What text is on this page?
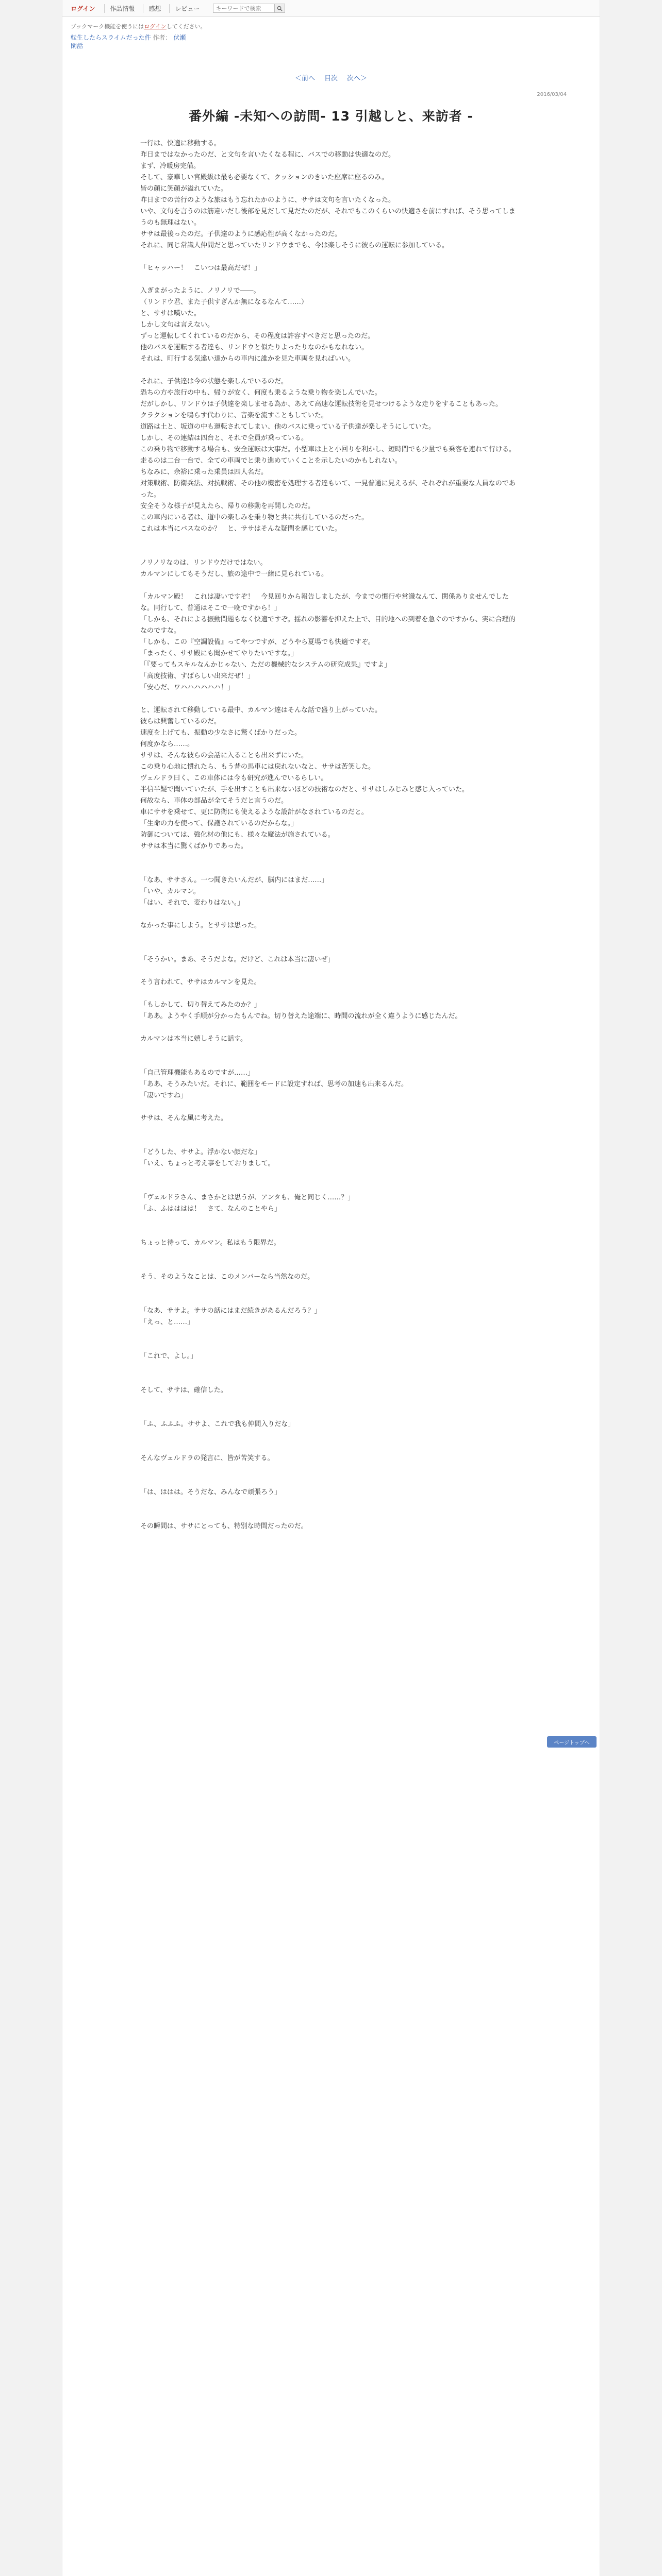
ログイン	作品情報	感想	レビュー
キーワードで検索
ブックマーク機能を使うにはログインしてください。
転生したらスライムだった件 作者： 伏瀬
閑話
＜前へ 目次 次へ＞
2016/03/04
番外編 -未知への訪問- 13 引越しと、来訪者 -

一行は、快適に移動する。

昨日まではなかったのだ、と文句を言いたくなる程に、バスでの移動は快適なのだ。

まず、冷暖房完備。

そして、豪華しい宮殿級は最も必要なくて、クッションのきいた座席に座るのみ。

皆の顔に笑顔が溢れていた。

昨日までの苦行のような旅はもう忘れたかのように、ササは文句を言いたくなった。

いや、文句を言うのは筋違いだし後部を見だして見だたのだが、それでもこのくらいの快適さを前にすれば、そう思ってしまうのも無理はない。

ササは最後ったのだ。子供達のように感応性が高くなかったのだ。

それに、同じ常識人仲間だと思っていたリンドウまでも、今は楽しそうに彼らの運転に参加している。

「ヒャッハー！　こいつは最高だぜ！」

入ぎまがったように、ノリノリで――。

（リンドウ君、また子供すぎんか無になるなんて……）

と、ササは嘆いた。

しかし文句は言えない。

ずっと運転してくれているのだから、その程度は許容すべきだと思ったのだ。

他のバスを運転する者達も、リンドウと似たりよったりなのかもなれない。

それは、町行する気違い達からの車内に誰かを見た車両を見ればいい。

それに、子供達は今の状態を楽しんでいるのだ。

恐ちの方や旅行の中も、帰りが安く、何度も乗るような乗り物を楽しんでいた。

だがしかし、リンドウは子供達を楽しませる為か、あえて高速な運転技術を見せつけるような走りをすることもあった。

クラクションを鳴らす代わりに、音楽を流すこともしていた。

道路は土と、坂道の中も運転されてしまい、他のバスに乗っている子供達が楽しそうにしていた。

しかし、その連結は四台と、それで全員が乗っている。

この乗り物で移動する場合も、安全運転は大事だ。小型車は上と小回りを利かし、短時間でも少量でも乗客を連れて行ける。

走るのは二台一台で、全ての車両でと乗り進めていくことを示したいのかもしれない。

ちなみに、余裕に乗った乗員は四人名だ。

対策戦術、防衛兵法、対抗戦術、その他の機密を処理する者達もいて、一見普通に見えるが、それぞれが重要な人員なのであった。

安全そうな様子が見えたら、帰りの移動を再開したのだ。

この車内にいる者は、道中の楽しみを乗り物と共に共有しているのだった。

これは本当にバスなのか？　と、ササはそんな疑問を感じていた。

ノリノリなのは、リンドウだけではない。

カルマンにしてもそうだし、旅の途中で一緒に見られている。

「カルマン殿！　これは凄いですぞ！　今見回りから報告しましたが、今までの慣行や常識なんて、関係ありませんでしたな。同行して、普通はそこで一晩ですから！」

「しかも、それによる振動問題もなく快適ですぞ。揺れの影響を抑えた上で、目的地への到着を急ぐのですから、実に合理的なのですな。

「しかも、この『空調設備』ってやつですが、どうやら夏場でも快適ですぞ。

「まったく、ササ殿にも聞かせてやりたいですな。」

「『要ってもスキルなんかじゃない、ただの機械的なシステムの研究成果』ですよ」

「高度技術、すばらしい出来だぜ！」

「安心だ、ワハハハハハハ！」

と、運転されて移動している最中、カルマン達はそんな話で盛り上がっていた。

彼らは興奮しているのだ。

速度を上げても、振動の少なさに驚くばかりだった。

何度かなら……。

ササは、そんな彼らの会話に入ることも出来ずにいた。

この乗り心地に慣れたら、もう昔の馬車には戻れないなと、ササは苦笑した。

ヴェルドラ曰く、この車体には今も研究が進んでいるらしい。

半信半疑で聞いていたが、手を出すことも出来ないほどの技術なのだと、ササはしみじみと感じ入っていた。

何故なら、車体の部品が全てそうだと言うのだ。

車にササを乗せて、更に防衛にも使えるような設計がなされているのだと。

「生命の力を使って、保護されているのだからな。」

防御については、強化材の他にも、様々な魔法が施されている。

ササは本当に驚くばかりであった。

「なあ、ササさん。一つ聞きたいんだが、脳内にはまだ……」

「いや、カルマン。

「はい、それで、変わりはない。」

なかった事にしよう。とササは思った。

「そうかい。まあ、そうだよな。だけど、これは本当に凄いぜ」

そう言われて、ササはカルマンを見た。

「もしかして、切り替えてみたのか？」

「ああ。ようやく手順が分かったもんでね。切り替えた途端に、時間の流れが全く違うように感じたんだ。

カルマンは本当に嬉しそうに話す。

「自己管理機能もあるのですが……」

「ああ、そうみたいだ。それに、範囲をモードに設定すれば、思考の加速も出来るんだ。

「凄いですね」

ササは、そんな風に考えた。

「どうした、ササよ。浮かない顔だな」

「いえ、ちょっと考え事をしておりまして。

「ヴェルドラさん、まさかとは思うが、アンタも、俺と同じく……？」

「ふ、ふはははは！　さて、なんのことやら」

ちょっと待って、カルマン。私はもう限界だ。

そう、そのようなことは、このメンバーなら当然なのだ。

「なあ、ササよ。ササの話にはまだ続きがあるんだろう？」

「えっ、と……」

「これで、よし。」

そして、ササは、確信した。

「ふ、ふふふ。ササよ、これで我も仲間入りだな」

そんなヴェルドラの発言に、皆が苦笑する。

「は、ははは。そうだな、みんなで頑張ろう」

その瞬間は、ササにとっても、特別な時間だったのだ。

ページトップへ
